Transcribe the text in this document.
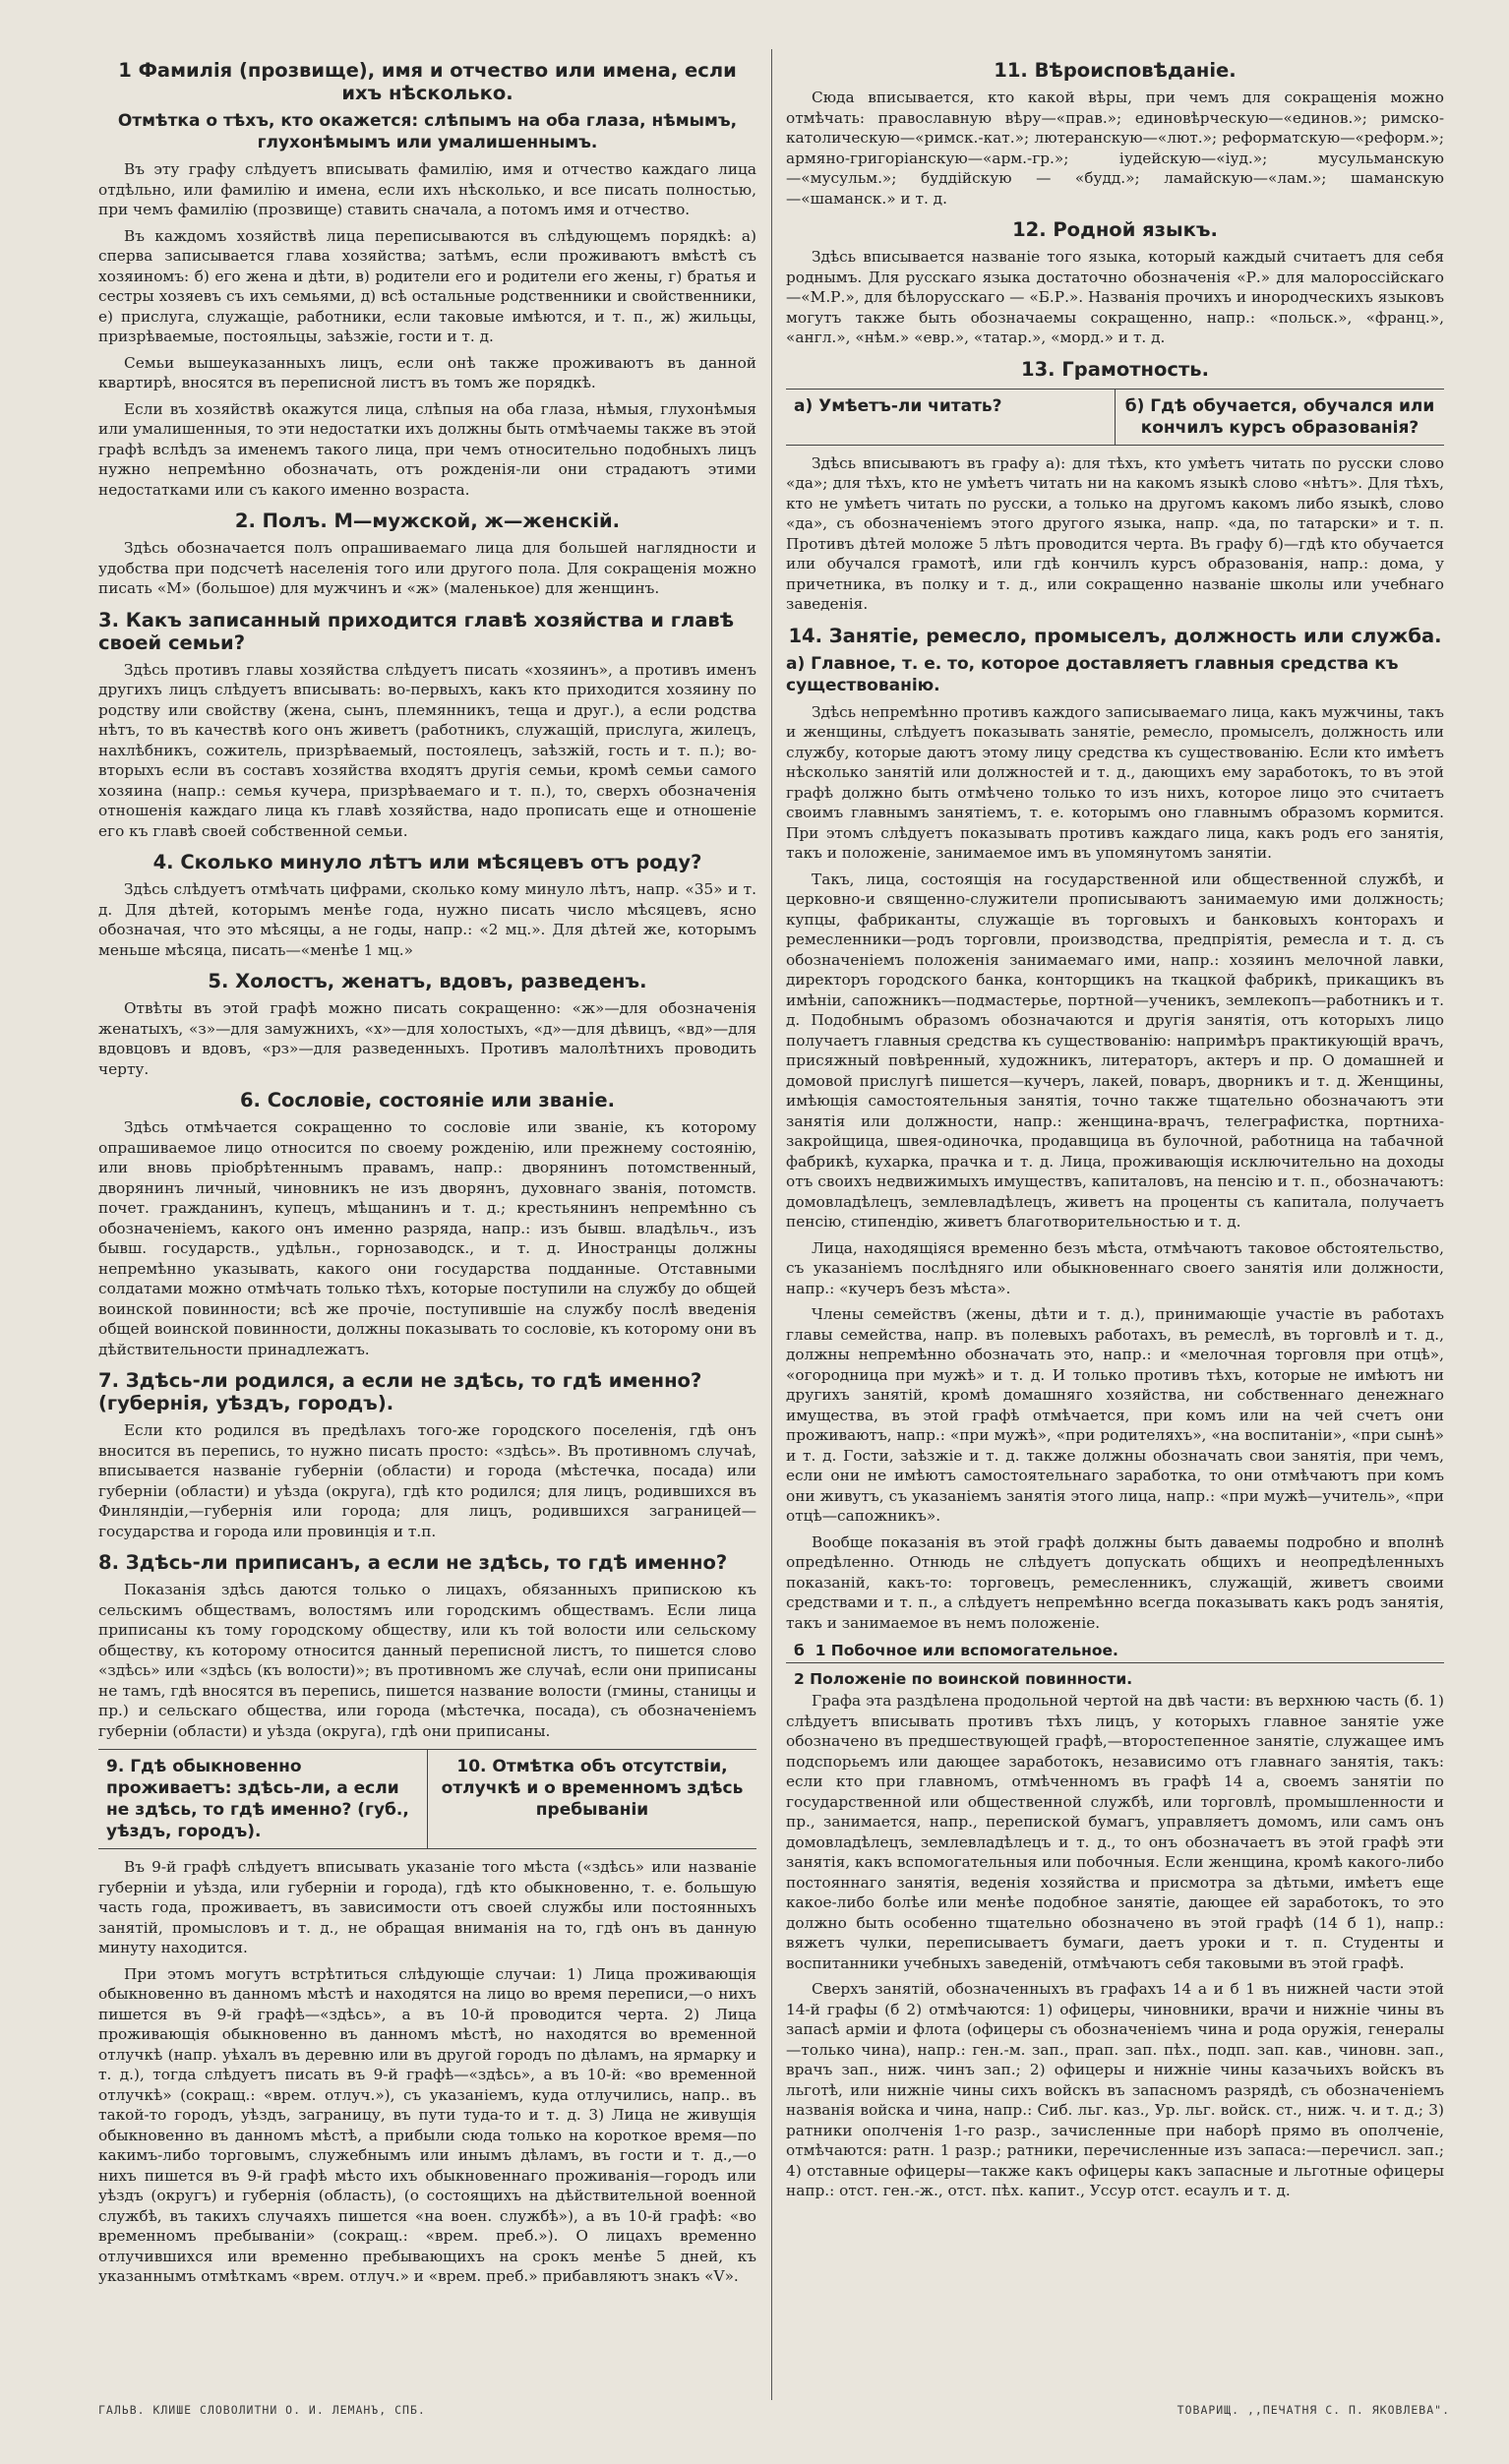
1 Фамилія (прозвище), имя и отчество или имена, если ихъ нѣсколько.
Отмѣтка о тѣхъ, кто окажется: слѣпымъ на оба глаза, нѣмымъ, глухонѣмымъ или умалишеннымъ.

Въ эту графу слѣдуетъ вписывать фамилію, имя и отчество каждаго лица отдѣльно, или фамилію и имена, если ихъ нѣсколько, и все писать полностью, при чемъ фамилію (прозвище) ставить сначала, а потомъ имя и отчество.

Въ каждомъ хозяйствѣ лица переписываются въ слѣдующемъ порядкѣ: а) сперва записывается глава хозяйства; затѣмъ, если проживаютъ вмѣстѣ съ хозяиномъ: б) его жена и дѣти, в) родители его и родители его жены, г) братья и сестры хозяевъ съ ихъ семьями, д) всѣ остальные родственники и свойственники, е) прислуга, служащіе, работники, если таковые имѣются, и т. п., ж) жильцы, призрѣваемые, постояльцы, заѣзжіе, гости и т. д.

Семьи вышеуказанныхъ лицъ, если онѣ также проживаютъ въ данной квартирѣ, вносятся въ переписной листъ въ томъ же порядкѣ.

Если въ хозяйствѣ окажутся лица, слѣпыя на оба глаза, нѣмыя, глухонѣмыя или умалишенныя, то эти недостатки ихъ должны быть отмѣчаемы также въ этой графѣ вслѣдъ за именемъ такого лица, при чемъ относительно подобныхъ лицъ нужно непремѣнно обозначать, отъ рожденія-ли они страдаютъ этими недостатками или съ какого именно возраста.

2. Полъ. М—мужской, ж—женскій.

Здѣсь обозначается полъ опрашиваемаго лица для большей наглядности и удобства при подсчетѣ населенія того или другого пола. Для сокращенія можно писать «М» (большое) для мужчинъ и «ж» (маленькое) для женщинъ.

3. Какъ записанный приходится главѣ хозяйства и главѣ своей семьи?

Здѣсь противъ главы хозяйства слѣдуетъ писать «хозяинъ», а противъ именъ другихъ лицъ слѣдуетъ вписывать: во-первыхъ, какъ кто приходится хозяину по родству или свойству (жена, сынъ, племянникъ, теща и друг.), а если родства нѣтъ, то въ качествѣ кого онъ живетъ (работникъ, служащій, прислуга, жилецъ, нахлѣбникъ, сожитель, призрѣваемый, постоялецъ, заѣзжій, гость и т. п.); во-вторыхъ если въ составъ хозяйства входятъ другія семьи, кромѣ семьи самого хозяина (напр.: семья кучера, призрѣваемаго и т. п.), то, сверхъ обозначенія отношенія каждаго лица къ главѣ хозяйства, надо прописать еще и отношеніе его къ главѣ своей собственной семьи.

4. Сколько минуло лѣтъ или мѣсяцевъ отъ роду?

Здѣсь слѣдуетъ отмѣчать цифрами, сколько кому минуло лѣтъ, напр. «35» и т. д. Для дѣтей, которымъ менѣе года, нужно писать число мѣсяцевъ, ясно обозначая, что это мѣсяцы, а не годы, напр.: «2 мц.». Для дѣтей же, которымъ меньше мѣсяца, писать—«менѣе 1 мц.»

5. Холостъ, женатъ, вдовъ, разведенъ.

Отвѣты въ этой графѣ можно писать сокращенно: «ж»—для обозначенія женатыхъ, «з»—для замужнихъ, «х»—для холостыхъ, «д»—для дѣвицъ, «вд»—для вдовцовъ и вдовъ, «рз»—для разведенныхъ. Противъ малолѣтнихъ проводить черту.

6. Сословіе, состояніе или званіе.

Здѣсь отмѣчается сокращенно то сословіе или званіе, къ которому опрашиваемое лицо относится по своему рожденію, или прежнему состоянію, или вновь пріобрѣтеннымъ правамъ, напр.: дворянинъ потомственный, дворянинъ личный, чиновникъ не изъ дворянъ, духовнаго званія, потомств. почет. гражданинъ, купецъ, мѣщанинъ и т. д.; крестьянинъ непремѣнно съ обозначеніемъ, какого онъ именно разряда, напр.: изъ бывш. владѣльч., изъ бывш. государств., удѣльн., горнозаводск., и т. д. Иностранцы должны непремѣнно указывать, какого они государства подданные. Отставными солдатами можно отмѣчать только тѣхъ, которые поступили на службу до общей воинской повинности; всѣ же прочіе, поступившіе на службу послѣ введенія общей воинской повинности, должны показывать то сословіе, къ которому они въ дѣйствительности принадлежатъ.

7. Здѣсь-ли родился, а если не здѣсь, то гдѣ именно? (губернія, уѣздъ, городъ).

Если кто родился въ предѣлахъ того-же городского поселенія, гдѣ онъ вносится въ перепись, то нужно писать просто: «здѣсь». Въ противномъ случаѣ, вписывается названіе губерніи (области) и города (мѣстечка, посада) или губерніи (области) и уѣзда (округа), гдѣ кто родился; для лицъ, родившихся въ Финляндіи,—губернія или города; для лицъ, родившихся заграницей—государства и города или провинція и т.п.

8. Здѣсь-ли приписанъ, а если не здѣсь, то гдѣ именно?

Показанія здѣсь даются только о лицахъ, обязанныхъ припискою къ сельскимъ обществамъ, волостямъ или городскимъ обществамъ. Если лица приписаны къ тому городскому обществу, или къ той волости или сельскому обществу, къ которому относится данный переписной листъ, то пишется слово «здѣсь» или «здѣсь (къ волости)»; въ противномъ же случаѣ, если они приписаны не тамъ, гдѣ вносятся въ перепись, пишется название волости (гмины, станицы и пр.) и сельскаго общества, или города (мѣстечка, посада), съ обозначеніемъ губерніи (области) и уѣзда (округа), гдѣ они приписаны.

9. Гдѣ обыкновенно проживаетъ: здѣсь-ли, а если не здѣсь, то гдѣ именно? (губ., уѣздъ, городъ).
10. Отмѣтка объ отсутствіи, отлучкѣ и о временномъ здѣсь пребываніи

Въ 9-й графѣ слѣдуетъ вписывать указаніе того мѣста («здѣсь» или названіе губерніи и уѣзда, или губерніи и города), гдѣ кто обыкновенно, т. е. большую часть года, проживаетъ, въ зависимости отъ своей службы или постоянныхъ занятій, промысловъ и т. д., не обращая вниманія на то, гдѣ онъ въ данную минуту находится.

При этомъ могутъ встрѣтиться слѣдующіе случаи: 1) Лица проживающія обыкновенно въ данномъ мѣстѣ и находятся на лицо во время переписи,—о нихъ пишется въ 9-й графѣ—«здѣсь», а въ 10-й проводится черта. 2) Лица проживающія обыкновенно въ данномъ мѣстѣ, но находятся во временной отлучкѣ (напр. уѣхалъ въ деревню или въ другой городъ по дѣламъ, на ярмарку и т. д.), тогда слѣдуетъ писать въ 9-й графѣ—«здѣсь», а въ 10-й: «во временной отлучкѣ» (сокращ.: «врем. отлуч.»), съ указаніемъ, куда отлучились, напр.. въ такой-то городъ, уѣздъ, заграницу, въ пути туда-то и т. д. 3) Лица не живущія обыкновенно въ данномъ мѣстѣ, а прибыли сюда только на короткое время—по какимъ-либо торговымъ, служебнымъ или инымъ дѣламъ, въ гости и т. д.,—о нихъ пишется въ 9-й графѣ мѣсто ихъ обыкновеннаго проживанія—городъ или уѣздъ (округъ) и губернія (область), (о состоящихъ на дѣйствительной военной службѣ, въ такихъ случаяхъ пишется «на воен. службѣ»), а въ 10-й графѣ: «во временномъ пребываніи» (сокращ.: «врем. преб.»). О лицахъ временно отлучившихся или временно пребывающихъ на срокъ менѣе 5 дней, къ указаннымъ отмѣткамъ «врем. отлуч.» и «врем. преб.» прибавляютъ знакъ «V».

11. Вѣроисповѣданіе.

Сюда вписывается, кто какой вѣры, при чемъ для сокращенія можно отмѣчать: православную вѣру—«прав.»; единовѣрческую—«единов.»; римско-католическую—«римск.-кат.»; лютеранскую—«лют.»; реформатскую—«реформ.»; армяно-григоріанскую—«арм.-гр.»; іудейскую—«іуд.»; мусульманскую—«мусульм.»; буддійскую — «будд.»; ламайскую—«лам.»; шаманскую—«шаманск.» и т. д.

12. Родной языкъ.

Здѣсь вписывается названіе того языка, который каждый считаетъ для себя роднымъ. Для русскаго языка достаточно обозначенія «Р.» для малороссійскаго—«М.Р.», для бѣлорусскаго — «Б.Р.». Названія прочихъ и инородческихъ языковъ могутъ также быть обозначаемы сокращенно, напр.: «польск.», «франц.», «англ.», «нѣм.» «евр.», «татар.», «морд.» и т. д.

13. Грамотность.
а) Умѣетъ-ли читать?	б) Гдѣ обучается, обучался или кончилъ курсъ образованія?

Здѣсь вписываютъ въ графу а): для тѣхъ, кто умѣетъ читать по русски слово «да»; для тѣхъ, кто не умѣетъ читать ни на какомъ языкѣ слово «нѣтъ». Для тѣхъ, кто не умѣетъ читать по русски, а только на другомъ какомъ либо языкѣ, слово «да», съ обозначеніемъ этого другого языка, напр. «да, по татарски» и т. п. Противъ дѣтей моложе 5 лѣтъ проводится черта. Въ графу б)—гдѣ кто обучается или обучался грамотѣ, или гдѣ кончилъ курсъ образованія, напр.: дома, у причетника, въ полку и т. д., или сокращенно названіе школы или учебнаго заведенія.

14. Занятіе, ремесло, промыселъ, должность или служба.
а) Главное, т. е. то, которое доставляетъ главныя средства къ существованію.

Здѣсь непремѣнно противъ каждого записываемаго лица, какъ мужчины, такъ и женщины, слѣдуетъ показывать занятіе, ремесло, промыселъ, должность или службу, которые даютъ этому лицу средства къ существованію. Если кто имѣетъ нѣсколько занятій или должностей и т. д., дающихъ ему заработокъ, то въ этой графѣ должно быть отмѣчено только то изъ нихъ, которое лицо это считаетъ своимъ главнымъ занятіемъ, т. е. которымъ оно главнымъ образомъ кормится. При этомъ слѣдуетъ показывать противъ каждаго лица, какъ родъ его занятія, такъ и положеніе, занимаемое имъ въ упомянутомъ занятіи.

Такъ, лица, состоящія на государственной или общественной службѣ, и церковно-и священно-служители прописываютъ занимаемую ими должность; купцы, фабриканты, служащіе въ торговыхъ и банковыхъ конторахъ и ремесленники—родъ торговли, производства, предпріятія, ремесла и т. д. съ обозначеніемъ положенія занимаемаго ими, напр.: хозяинъ мелочной лавки, директоръ городского банка, конторщикъ на ткацкой фабрикѣ, прикащикъ въ имѣніи, сапожникъ—подмастерье, портной—ученикъ, землекопъ—работникъ и т. д. Подобнымъ образомъ обозначаются и другія занятія, отъ которыхъ лицо получаетъ главныя средства къ существованію: напримѣръ практикующій врачъ, присяжный повѣренный, художникъ, литераторъ, актеръ и пр. О домашней и домовой прислугѣ пишется—кучеръ, лакей, поваръ, дворникъ и т. д. Женщины, имѣющія самостоятельныя занятія, точно также тщательно обозначаютъ эти занятія или должности, напр.: женщина-врачъ, телеграфистка, портниха-закройщица, швея-одиночка, продавщица въ булочной, работница на табачной фабрикѣ, кухарка, прачка и т. д. Лица, проживающія исключительно на доходы отъ своихъ недвижимыхъ имуществъ, капиталовъ, на пенсію и т. п., обозначаютъ: домовладѣлецъ, землевладѣлецъ, живетъ на проценты съ капитала, получаетъ пенсію, стипендію, живетъ благотворительностью и т. д.

Лица, находящіяся временно безъ мѣста, отмѣчаютъ таковое обстоятельство, съ указаніемъ послѣдняго или обыкновеннаго своего занятія или должности, напр.: «кучеръ безъ мѣста».

Члены семействъ (жены, дѣти и т. д.), принимающіе участіе въ работахъ главы семейства, напр. въ полевыхъ работахъ, въ ремеслѣ, въ торговлѣ и т. д., должны непремѣнно обозначать это, напр.: и «мелочная торговля при отцѣ», «огородница при мужѣ» и т. д. И только противъ тѣхъ, которые не имѣютъ ни другихъ занятій, кромѣ домашняго хозяйства, ни собственнаго денежнаго имущества, въ этой графѣ отмѣчается, при комъ или на чей счетъ они проживаютъ, напр.: «при мужѣ», «при родителяхъ», «на воспитаніи», «при сынѣ» и т. д. Гости, заѣзжіе и т. д. также должны обозначать свои занятія, при чемъ, если они не имѣютъ самостоятельнаго заработка, то они отмѣчаютъ при комъ они живутъ, съ указаніемъ занятія этого лица, напр.: «при мужѣ—учитель», «при отцѣ—сапожникъ».

Вообще показанія въ этой графѣ должны быть даваемы подробно и вполнѣ опредѣленно. Отнюдь не слѣдуетъ допускать общихъ и неопредѣленныхъ показаній, какъ-то: торговецъ, ремесленникъ, служащій, живетъ своими средствами и т. п., а слѣдуетъ непремѣнно всегда показывать какъ родъ занятія, такъ и занимаемое въ немъ положеніе.

б 1 Побочное или вспомогательное.
2 Положеніе по воинской повинности.

Графа эта раздѣлена продольной чертой на двѣ части: въ верхнюю часть (б. 1) слѣдуетъ вписывать противъ тѣхъ лицъ, у которыхъ главное занятіе уже обозначено въ предшествующей графѣ,—второстепенное занятіе, служащее имъ подспорьемъ или дающее заработокъ, независимо отъ главнаго занятія, такъ: если кто при главномъ, отмѣченномъ въ графѣ 14 а, своемъ занятіи по государственной или общественной службѣ, или торговлѣ, промышленности и пр., занимается, напр., перепиской бумагъ, управляетъ домомъ, или самъ онъ домовладѣлецъ, землевладѣлецъ и т. д., то онъ обозначаетъ въ этой графѣ эти занятія, какъ вспомогательныя или побочныя. Если женщина, кромѣ какого-либо постояннаго занятія, веденія хозяйства и присмотра за дѣтьми, имѣетъ еще какое-либо болѣе или менѣе подобное занятіе, дающее ей заработокъ, то это должно быть особенно тщательно обозначено въ этой графѣ (14 б 1), напр.: вяжетъ чулки, переписываетъ бумаги, даетъ уроки и т. п. Студенты и воспитанники учебныхъ заведеній, отмѣчаютъ себя таковыми въ этой графѣ.

Сверхъ занятій, обозначенныхъ въ графахъ 14 а и б 1 въ нижней части этой 14-й графы (б 2) отмѣчаются: 1) офицеры, чиновники, врачи и нижніе чины въ запасѣ арміи и флота (офицеры съ обозначеніемъ чина и рода оружія, генералы—только чина), напр.: ген.-м. зап., прап. зап. пѣх., подп. зап. кав., чиновн. зап., врачъ зап., ниж. чинъ зап.; 2) офицеры и нижніе чины казачьихъ войскъ въ льготѣ, или нижніе чины сихъ войскъ въ запасномъ разрядѣ, съ обозначеніемъ названія войска и чина, напр.: Сиб. льг. каз., Ур. льг. войск. ст., ниж. ч. и т. д.; 3) ратники ополченія 1-го разр., зачисленные при наборѣ прямо въ ополченіе, отмѣчаются: ратн. 1 разр.; ратники, перечисленные изъ запаса:—перечисл. зап.; 4) отставные офицеры—также какъ офицеры какъ запасные и льготные офицеры напр.: отст. ген.-ж., отст. пѣх. капит., Уссур отст. есаулъ и т. д.

ГАЛЬВ. КЛИШЕ СЛОВОЛИТНИ О. И. ЛЕМАНЪ, СПБ.	ТОВАРИЩ. ,,ПЕЧАТНЯ С. П. ЯКОВЛЕВА".
